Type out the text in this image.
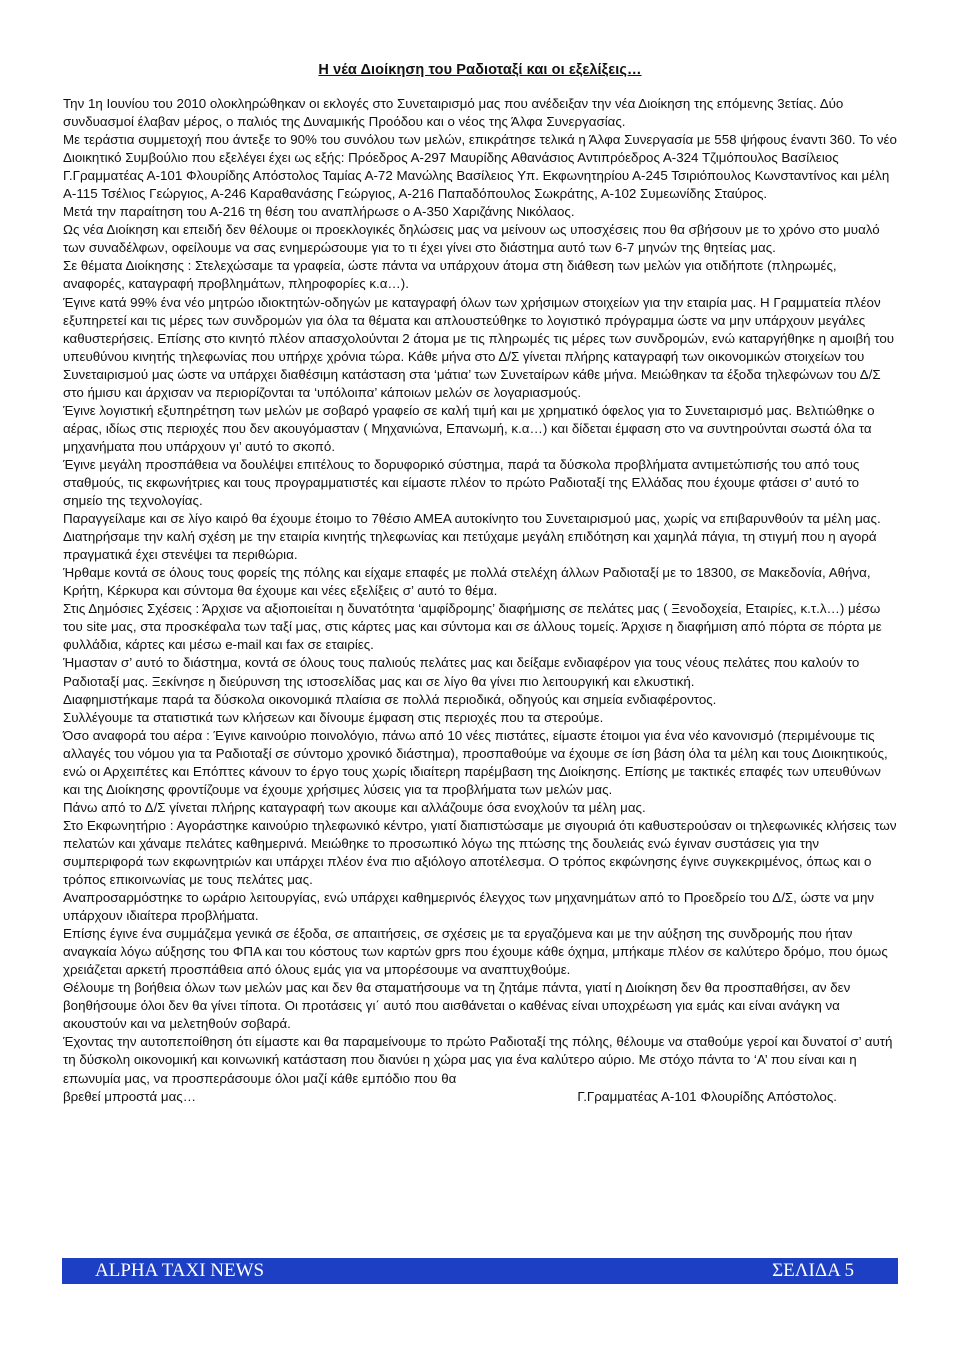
Η νέα Διοίκηση του Ραδιοταξί και οι εξελίξεις…

Την 1η Ιουνίου του 2010 ολοκληρώθηκαν οι εκλογές στο Συνεταιρισμό μας που ανέδειξαν την νέα Διοίκηση της επόμενης 3ετίας. Δύο συνδυασμοί έλαβαν μέρος, ο παλιός της Δυναμικής Προόδου και ο νέος της Άλφα Συνεργασίας.

Με τεράστια συμμετοχή που άντεξε το 90% του συνόλου των μελών, επικράτησε τελικά η Άλφα Συνεργασία με 558 ψήφους έναντι 360. Το νέο Διοικητικό Συμβούλιο που εξελέγει έχει ως εξής: Πρόεδρος Α-297 Μαυρίδης Αθανάσιος Αντιπρόεδρος Α-324 Τζιμόπουλος Βασίλειος Γ.Γραμματέας Α-101 Φλουρίδης Απόστολος Ταμίας Α-72 Μανώλης Βασίλειος Υπ. Εκφωνητηρίου Α-245 Τσιριόπουλος Κωνσταντίνος και μέλη Α-115 Τσέλιος Γεώργιος, Α-246 Καραθανάσης Γεώργιος, Α-216 Παπαδόπουλος Σωκράτης, Α-102 Συμεωνίδης Σταύρος.

Μετά την παραίτηση του Α-216 τη θέση του αναπλήρωσε ο Α-350 Χαριζάνης Νικόλαος.

Ως νέα Διοίκηση και επειδή δεν θέλουμε οι προεκλογικές δηλώσεις μας να μείνουν ως υποσχέσεις που θα σβήσουν με το χρόνο στο μυαλό των συναδέλφων, οφείλουμε να σας ενημερώσουμε για το τι έχει γίνει στο διάστημα αυτό των 6-7 μηνών της θητείας μας.

Σε θέματα Διοίκησης : Στελεχώσαμε τα γραφεία, ώστε πάντα να υπάρχουν άτομα στη διάθεση των μελών για οτιδήποτε (πληρωμές, αναφορές, καταγραφή προβλημάτων, πληροφορίες κ.α…).

Έγινε κατά 99% ένα νέο μητρώο ιδιοκτητών-οδηγών με καταγραφή όλων των χρήσιμων στοιχείων για την εταιρία μας. Η Γραμματεία πλέον εξυπηρετεί και τις μέρες των συνδρομών για όλα τα θέματα και απλουστεύθηκε το λογιστικό πρόγραμμα ώστε να μην υπάρχουν μεγάλες καθυστερήσεις. Επίσης στο κινητό πλέον απασχολούνται 2 άτομα με τις πληρωμές τις μέρες των συνδρομών, ενώ καταργήθηκε η αμοιβή του υπευθύνου κινητής τηλεφωνίας που υπήρχε χρόνια τώρα. Κάθε μήνα στο Δ/Σ γίνεται πλήρης καταγραφή των οικονομικών στοιχείων του Συνεταιρισμού μας ώστε να υπάρχει διαθέσιμη κατάσταση στα ‘μάτια’ των Συνεταίρων κάθε μήνα. Μειώθηκαν τα έξοδα τηλεφώνων του Δ/Σ στο ήμισυ και άρχισαν να περιορίζονται τα ‘υπόλοιπα’ κάποιων μελών σε λογαριασμούς.

Έγινε λογιστική εξυπηρέτηση των μελών με σοβαρό γραφείο σε καλή τιμή και με χρηματικό όφελος για το Συνεταιρισμό μας. Βελτιώθηκε ο αέρας, ιδίως στις περιοχές που δεν ακουγόμασταν ( Μηχανιώνα, Επανωμή, κ.α…) και δίδεται έμφαση στο να συντηρούνται σωστά όλα τα μηχανήματα που υπάρχουν γι’ αυτό το σκοπό.

Έγινε μεγάλη προσπάθεια να δουλέψει επιτέλους το δορυφορικό σύστημα, παρά τα δύσκολα προβλήματα αντιμετώπισής του από τους σταθμούς, τις εκφωνήτριες και τους προγραμματιστές και είμαστε πλέον το πρώτο Ραδιοταξί της Ελλάδας που έχουμε φτάσει σ’ αυτό το σημείο της τεχνολογίας.

Παραγγείλαμε και σε λίγο καιρό θα έχουμε έτοιμο το 7θέσιο ΑΜΕΑ αυτοκίνητο του Συνεταιρισμού μας, χωρίς να επιβαρυνθούν τα μέλη μας. Διατηρήσαμε την καλή σχέση με την εταιρία κινητής τηλεφωνίας και πετύχαμε μεγάλη επιδότηση και χαμηλά πάγια, τη στιγμή που η αγορά πραγματικά έχει στενέψει τα περιθώρια.

Ήρθαμε κοντά σε όλους τους φορείς της πόλης και είχαμε επαφές με πολλά στελέχη άλλων Ραδιοταξί με το 18300, σε Μακεδονία, Αθήνα, Κρήτη, Κέρκυρα και σύντομα θα έχουμε και νέες εξελίξεις σ’ αυτό το θέμα.

Στις Δημόσιες Σχέσεις : Άρχισε να αξιοποιείται η δυνατότητα ‘αμφίδρομης’ διαφήμισης σε πελάτες μας ( Ξενοδοχεία, Εταιρίες, κ.τ.λ…) μέσω του site μας, στα προσκέφαλα των ταξί μας, στις κάρτες μας και σύντομα και σε άλλους τομείς. Άρχισε η διαφήμιση από πόρτα σε πόρτα με φυλλάδια, κάρτες και μέσω e-mail και fax σε εταιρίες.

Ήμασταν σ’ αυτό το διάστημα, κοντά σε όλους τους παλιούς πελάτες μας και δείξαμε ενδιαφέρον για τους νέους πελάτες που καλούν το Ραδιοταξί μας. Ξεκίνησε η διεύρυνση της ιστοσελίδας μας και σε λίγο θα γίνει πιο λειτουργική και ελκυστική.

Διαφημιστήκαμε παρά τα δύσκολα οικονομικά πλαίσια σε πολλά περιοδικά, οδηγούς και σημεία ενδιαφέροντος.

Συλλέγουμε τα στατιστικά των κλήσεων και δίνουμε έμφαση στις περιοχές που τα στερούμε.

Όσο αναφορά του αέρα : Έγινε καινούριο ποινολόγιο, πάνω από 10 νέες πιστάτες, είμαστε έτοιμοι για ένα νέο κανονισμό (περιμένουμε τις αλλαγές του νόμου για τα Ραδιοταξί σε σύντομο χρονικό διάστημα), προσπαθούμε να έχουμε σε ίση βάση όλα τα μέλη και τους Διοικητικούς, ενώ οι Αρχειπέτες και Επόπτες κάνουν το έργο τους χωρίς ιδιαίτερη παρέμβαση της Διοίκησης. Επίσης με τακτικές επαφές των υπευθύνων και της Διοίκησης φροντίζουμε να έχουμε χρήσιμες λύσεις για τα προβλήματα των μελών μας.

Πάνω από το Δ/Σ γίνεται πλήρης καταγραφή των ακουμε και αλλάζουμε όσα ενοχλούν τα μέλη μας.

Στο Εκφωνητήριο : Αγοράστηκε καινούριο τηλεφωνικό κέντρο, γιατί διαπιστώσαμε με σιγουριά ότι καθυστερούσαν οι τηλεφωνικές κλήσεις των πελατών και χάναμε πελάτες καθημερινά. Μειώθηκε το προσωπικό λόγω της πτώσης της δουλειάς ενώ έγιναν συστάσεις για την συμπεριφορά των εκφωνητριών και υπάρχει πλέον ένα πιο αξιόλογο αποτέλεσμα. Ο τρόπος εκφώνησης έγινε συγκεκριμένος, όπως και ο τρόπος επικοινωνίας με τους πελάτες μας.

Αναπροσαρμόστηκε το ωράριο λειτουργίας, ενώ υπάρχει καθημερινός έλεγχος των μηχανημάτων από το Προεδρείο του Δ/Σ, ώστε να μην υπάρχουν ιδιαίτερα προβλήματα.

Επίσης έγινε ένα συμμάζεμα γενικά σε έξοδα, σε απαιτήσεις, σε σχέσεις με τα εργαζόμενα και με την αύξηση της συνδρομής που ήταν αναγκαία λόγω αύξησης του ΦΠΑ και του κόστους των καρτών gprs που έχουμε κάθε όχημα, μπήκαμε πλέον σε καλύτερο δρόμο, που όμως χρειάζεται αρκετή προσπάθεια από όλους εμάς για να μπορέσουμε να αναπτυχθούμε.

Θέλουμε τη βοήθεια όλων των μελών μας και δεν θα σταματήσουμε να τη ζητάμε πάντα, γιατί η Διοίκηση δεν θα προσπαθήσει, αν δεν βοηθήσουμε όλοι δεν θα γίνει τίποτα. Οι προτάσεις γι΄ αυτό που αισθάνεται ο καθένας είναι υποχρέωση για εμάς και είναι ανάγκη να ακουστούν και να μελετηθούν σοβαρά.

Έχοντας την αυτοπεποίθηση ότι είμαστε και θα παραμείνουμε το πρώτο Ραδιοταξί της πόλης, θέλουμε να σταθούμε γεροί και δυνατοί σ’ αυτή τη δύσκολη οικονομική και κοινωνική κατάσταση που διανύει η χώρα μας για ένα καλύτερο αύριο. Με στόχο πάντα το ‘Α’ που είναι και η επωνυμία μας, να προσπεράσουμε όλοι μαζί κάθε εμπόδιο που θα

βρεθεί μπροστά μας…	Γ.Γραμματέας Α-101 Φλουρίδης Απόστολος.
ALPHA TAXI NEWS	ΣΕΛΙΔΑ 5
